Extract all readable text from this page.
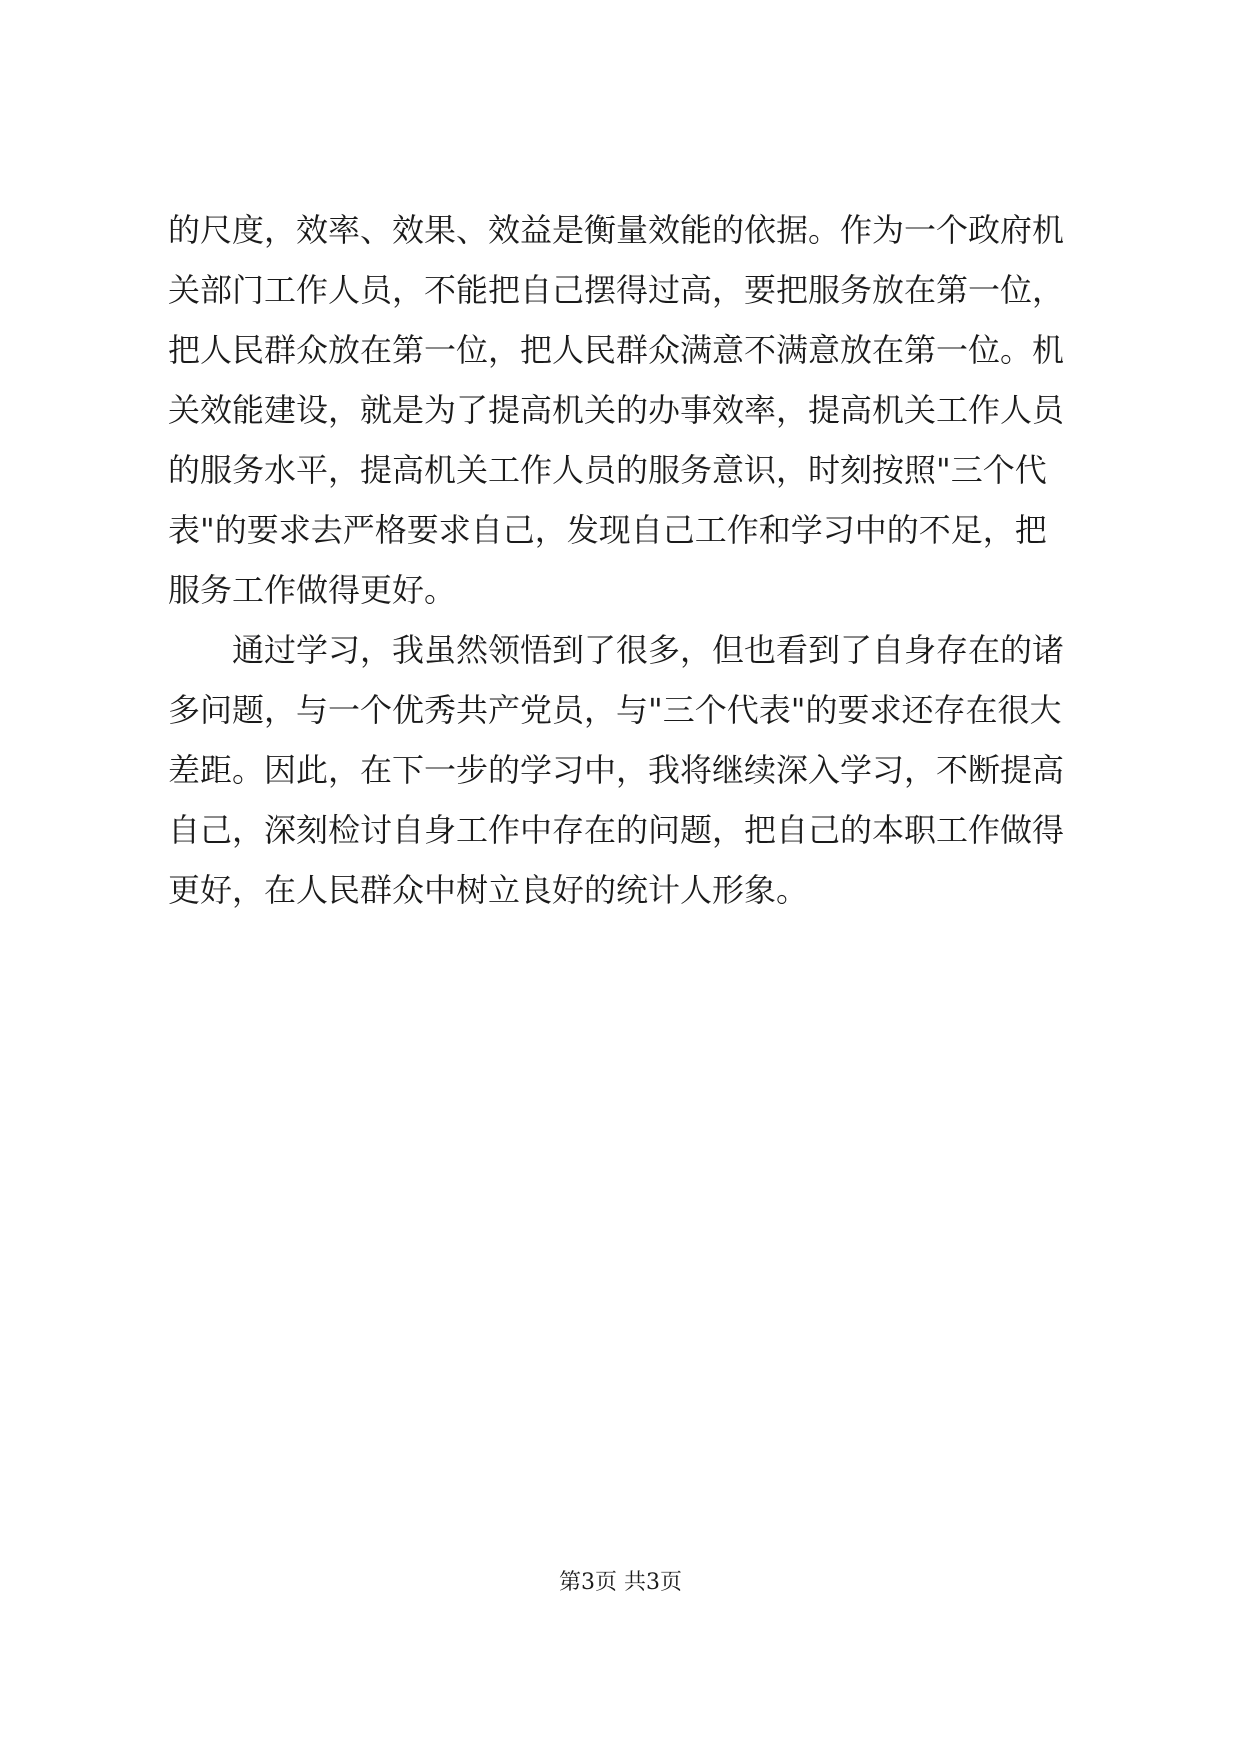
的尺度，效率、效果、效益是衡量效能的依据。作为一个政府机
关部门工作人员，不能把自己摆得过高，要把服务放在第一位，
把人民群众放在第一位，把人民群众满意不满意放在第一位。机
关效能建设，就是为了提高机关的办事效率，提高机关工作人员
的服务水平，提高机关工作人员的服务意识，时刻按照"三个代
表"的要求去严格要求自己，发现自己工作和学习中的不足，把
服务工作做得更好。
　　通过学习，我虽然领悟到了很多，但也看到了自身存在的诸
多问题，与一个优秀共产党员，与"三个代表"的要求还存在很大
差距。因此，在下一步的学习中，我将继续深入学习，不断提高
自己，深刻检讨自身工作中存在的问题，把自己的本职工作做得
更好，在人民群众中树立良好的统计人形象。
第3页 共3页
